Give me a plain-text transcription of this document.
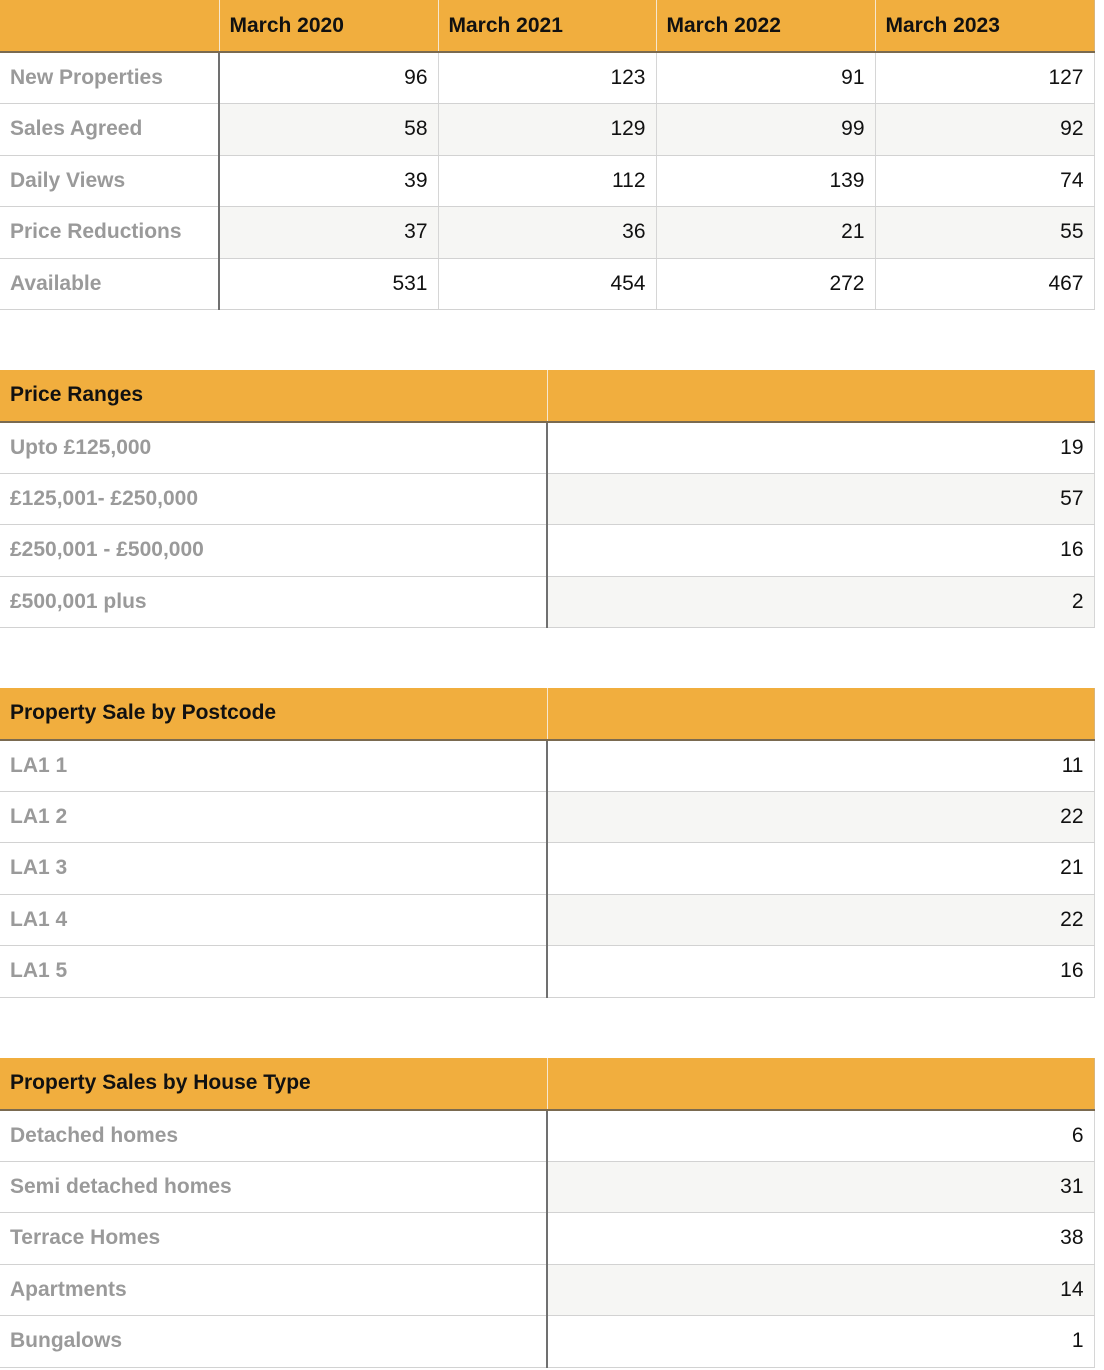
	March 2020	March 2021	March 2022	March 2023
New Properties	96	123	91	127
Sales Agreed	58	129	99	92
Daily Views	39	112	139	74
Price Reductions	37	36	21	55
Available	531	454	272	467
Price Ranges	
Upto £125,000	19
£125,001- £250,000	57
£250,001 - £500,000	16
£500,001 plus	2
Property Sale by Postcode	
LA1 1	11
LA1 2	22
LA1 3	21
LA1 4	22
LA1 5	16
Property Sales by House Type	
Detached homes	6
Semi detached homes	31
Terrace Homes	38
Apartments	14
Bungalows	1
